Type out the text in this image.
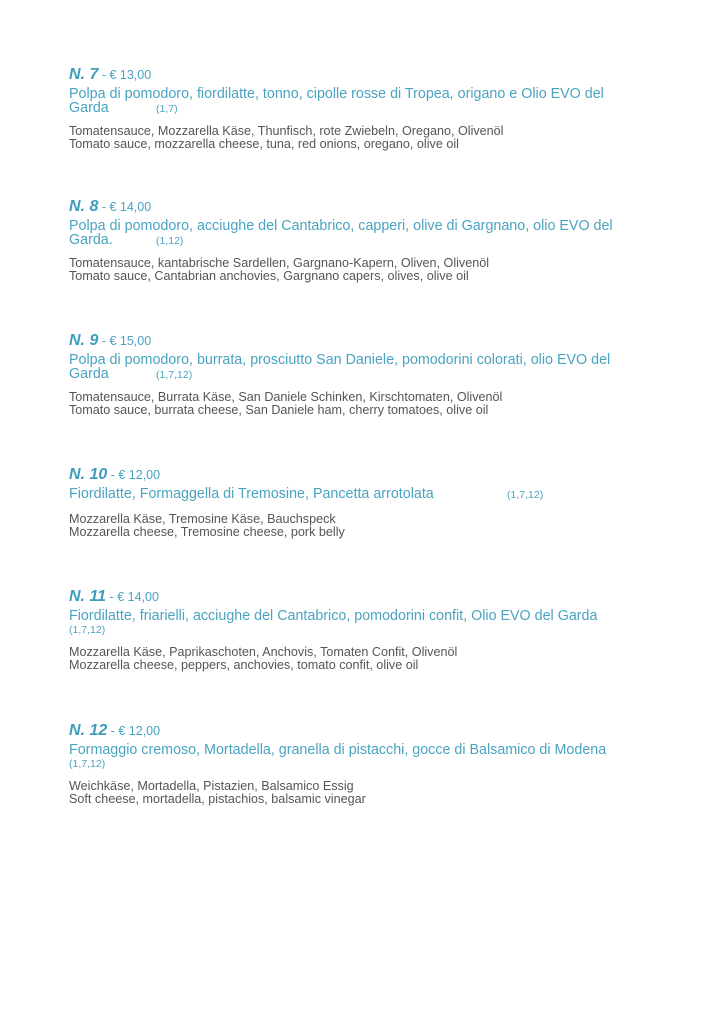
N. 7 - € 13,00
Polpa di pomodoro, fiordilatte, tonno, cipolle rosse di Tropea, origano e Olio EVO del
Garda	(1,7)
Tomatensauce, Mozzarella Käse, Thunfisch, rote Zwiebeln, Oregano, Olivenöl
Tomato sauce, mozzarella cheese, tuna, red onions, oregano, olive oil
N. 8 - € 14,00
Polpa di pomodoro, acciughe del Cantabrico, capperi, olive di Gargnano, olio EVO del
Garda.	(1,12)
Tomatensauce, kantabrische Sardellen, Gargnano-Kapern, Oliven, Olivenöl
Tomato sauce, Cantabrian anchovies, Gargnano capers, olives, olive oil
N. 9 - € 15,00
Polpa di pomodoro, burrata, prosciutto San Daniele, pomodorini colorati, olio EVO del
Garda	(1,7,12)
Tomatensauce, Burrata Käse, San Daniele Schinken, Kirschtomaten, Olivenöl
Tomato sauce, burrata cheese, San Daniele ham, cherry tomatoes, olive oil
N. 10 - € 12,00
Fiordilatte, Formaggella di Tremosine, Pancetta arrotolata	(1,7,12)
Mozzarella Käse, Tremosine Käse, Bauchspeck
Mozzarella cheese, Tremosine cheese, pork belly
N. 11 - € 14,00
Fiordilatte, friarielli, acciughe del Cantabrico, pomodorini confit, Olio EVO del Garda
(1,7,12)
Mozzarella Käse, Paprikaschoten, Anchovis, Tomaten Confit, Olivenöl
Mozzarella cheese, peppers, anchovies, tomato confit, olive oil
N. 12 - € 12,00
Formaggio cremoso, Mortadella, granella di pistacchi, gocce di Balsamico di Modena
(1,7,12)
Weichkäse, Mortadella, Pistazien, Balsamico Essig
Soft cheese, mortadella, pistachios, balsamic vinegar
